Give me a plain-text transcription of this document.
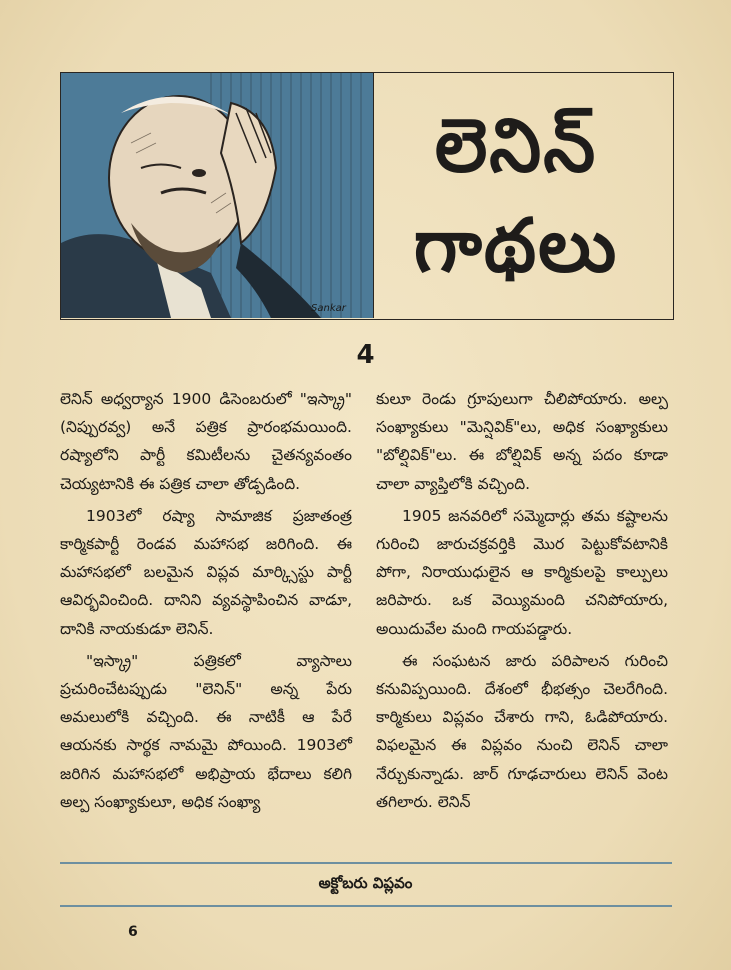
Sankar
లెనిన్
గాథలు
4

లెనిన్ అధ్వర్యాన 1900 డిసెంబరులో "ఇస్క్రా" (నిప్పురవ్వ) అనే పత్రిక ప్రారంభమయింది. రష్యాలోని పార్టీ కమిటీలను చైతన్యవంతం చెయ్యటానికి ఈ పత్రిక చాలా తోడ్పడింది.

1903లో రష్యా సామాజిక ప్రజాతంత్ర కార్మికపార్టీ రెండవ మహాసభ జరిగింది. ఈ మహాసభలో బలమైన విప్లవ మార్క్సిస్టు పార్టీ ఆవిర్భవించింది. దానిని వ్యవస్థాపించిన వాడూ, దానికి నాయకుడూ లెనిన్.

"ఇస్క్రా" పత్రికలో వ్యాసాలు ప్రచురించేటప్పుడు "లెనిన్" అన్న పేరు అమలులోకి వచ్చింది. ఈ నాటికీ ఆ పేరే ఆయనకు సార్థక నామమై పోయింది. 1903లో జరిగిన మహాసభలో అభిప్రాయ భేదాలు కలిగి అల్ప సంఖ్యాకులూ, అధిక సంఖ్యా

కులూ రెండు గ్రూపులుగా చీలిపోయారు. అల్ప సంఖ్యాకులు "మెన్షివిక్"లు, అధిక సంఖ్యాకులు "బోల్షివిక్"లు. ఈ బోల్షివిక్ అన్న పదం కూడా చాలా వ్యాప్తిలోకి వచ్చింది.

1905 జనవరిలో సమ్మెదార్లు తమ కష్టాలను గురించి జారుచక్రవర్తికి మొర పెట్టుకోవటానికి పోగా, నిరాయుధులైన ఆ కార్మికులపై కాల్పులు జరిపారు. ఒక వెయ్యిమంది చనిపోయారు, అయిదువేల మంది గాయపడ్డారు.

ఈ సంఘటన జారు పరిపాలన గురించి కనువిప్పయింది. దేశంలో భీభత్సం చెలరేగింది. కార్మికులు విప్లవం చేశారు గాని, ఓడిపోయారు. విఫలమైన ఈ విప్లవం నుంచి లెనిన్ చాలా నేర్చుకున్నాడు. జార్ గూఢచారులు లెనిన్ వెంట తగిలారు. లెనిన్

అక్టోబరు విప్లవం
6
